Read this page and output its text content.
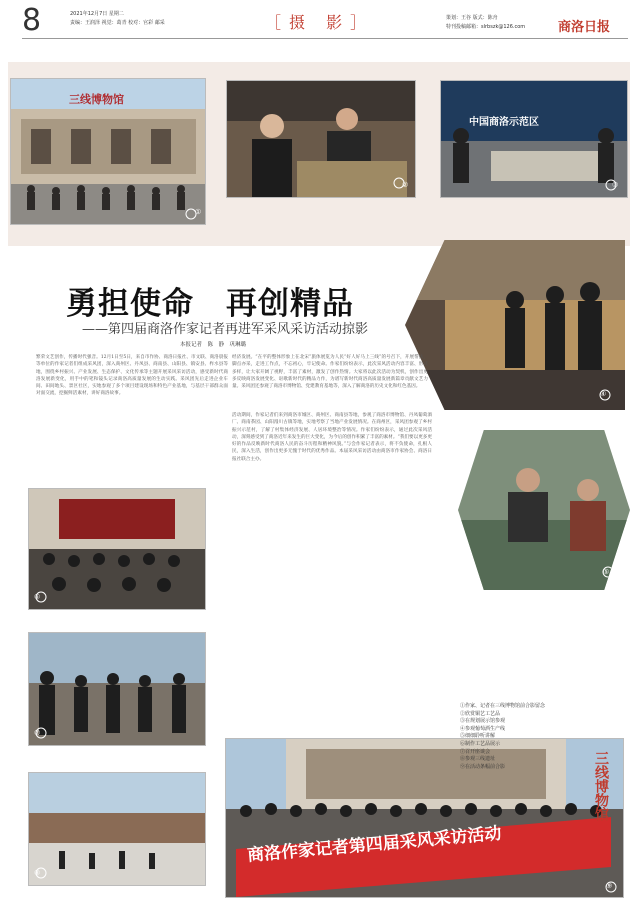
8	2021年12月7日 星期二
责编：王润泽 视觉：葛青 校对：官彩 邮采	［摄 影］	策划：王谷 版式：陈舟
特刊投稿邮箱：slrbszk@126.com	商洛日报
三线博物馆
中国商洛示范区
勇担使命　再创精品
——第四届商洛作家记者再进军采风采访活动掠影
本报记者　陈　静　巩琳璐
繁荣文艺创作，传播时代强音。12月1日至5日，来自市作协、商洛日报社、市文联、商洛晨报等单位的作家记者们组成采风团，深入商州区、丹凤县、商南县、山阳县、镇安县、柞水县等地，围绕乡村振兴、产业发展、生态保护、文化传承等主题开展采风采访活动，感受新时代商洛发展新变化，用手中的笔和镜头记录商洛高质量发展的生动实践。采风团先后走进企业车间、田间地头、景区社区，实地参观了多个项目建设现场和特色产业基地，与基层干部群众面对面交流，挖掘鲜活素材，讲好商洛故事。
经济发展。“在平的整体形象上在北宋”旅体展览为人民“好人好马上三线”的号召下，开展帮扶，脚点亦采，走进工作点，不忘初心，牢记使命。作家们纷纷表示，此次采风活动内容丰富、形式多样，让大家开阔了视野，丰富了素材，激发了创作热情。大家将以此次活动为契机，创作出更多反映商洛发展变化、讴歌新时代的精品力作，为谱写新时代商洛高质量发展新篇章贡献文艺力量。采风团还参观了商洛市博物馆、党建教育基地等，深入了解商洛的历史文化和红色基因。
活动期间，作家记者们来到商洛市城区、商州区、商南县等地，参观了商洛市博物馆、丹凤葡萄酒厂、商南茶园、山阳漫川古镇等地，实地考察了当地产业发展情况。在商州区，采风团参观了乡村振兴示范村，了解了村集体经济发展、人居环境整治等情况。作家们纷纷表示，通过此次采风活动，深刻感受到了商洛近年来发生的巨大变化，为今后的创作积累了丰富的素材。“我们要以更多更好的作品反映新时代商洛人民的奋斗历程和精神风貌。”与会作家记者表示，将不负使命，扎根人民，深入生活，创作出更多无愧于时代的优秀作品。本届采风采访活动由商洛市作家协会、商洛日报社联合主办。
三线博物馆
商洛作家记者第四届采风采访活动
①作家、记者在三线博物馆前合影留念
②欣赏铜艺工艺品
③在规划展示馆参观
④参观葡萄酒生产线
⑤细细聆听讲解
⑥制作工艺品展示
⑦召开座谈会
⑧参观三线遗址
⑨在活动条幅前合影
①
②	③
④
⑤
⑥
⑦
⑧
⑨
